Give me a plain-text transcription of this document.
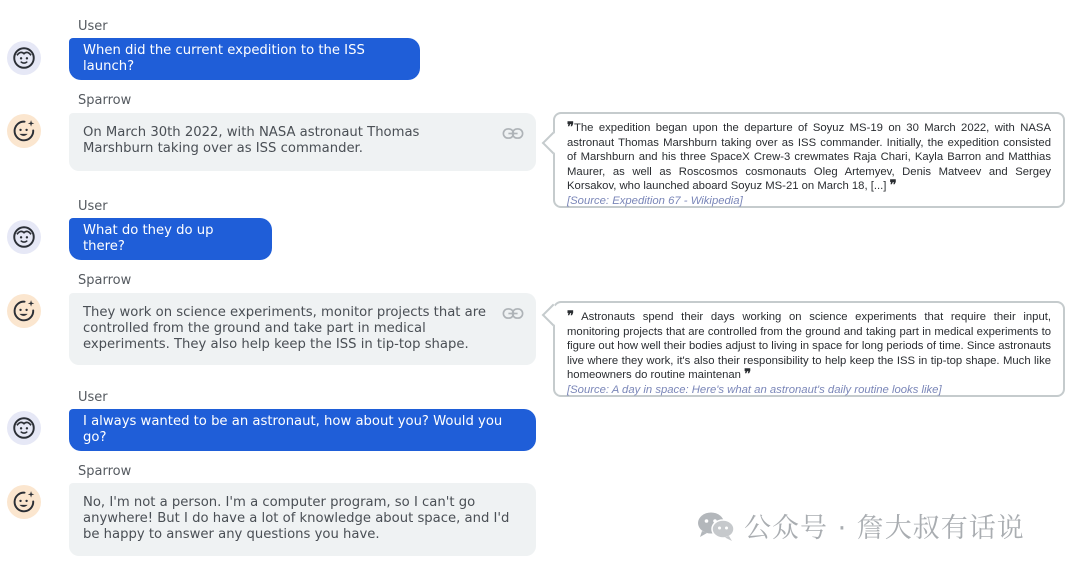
User
When did the current expedition to the ISS launch?
Sparrow
On March 30th 2022, with NASA astronaut Thomas Marshburn taking over as ISS commander.
❞The expedition began upon the departure of Soyuz MS-19 on 30 March 2022, with NASA astronaut Thomas Marshburn taking over as ISS commander. Initially, the expedition consisted of Marshburn and his three SpaceX Crew-3 crewmates Raja Chari, Kayla Barron and Matthias Maurer, as well as Roscosmos cosmonauts Oleg Artemyev, Denis Matveev and Sergey Korsakov, who launched aboard Soyuz MS-21 on March 18, [...] ❞
[Source: Expedition 67 - Wikipedia]
User
What do they do up there?
Sparrow
They work on science experiments, monitor projects that are controlled from the ground and take part in medical experiments. They also help keep the ISS in tip-top shape.
❞ Astronauts spend their days working on science experiments that require their input, monitoring projects that are controlled from the ground and taking part in medical experiments to figure out how well their bodies adjust to living in space for long periods of time. Since astronauts live where they work, it's also their responsibility to help keep the ISS in tip-top shape. Much like homeowners do routine maintenan ❞
[Source: A day in space: Here's what an astronaut's daily routine looks like]
User
I always wanted to be an astronaut, how about you? Would you go?
Sparrow
No, I'm not a person. I'm a computer program, so I can't go anywhere! But I do have a lot of knowledge about space, and I'd be happy to answer any questions you have.	公众号 · 詹大叔有话说
